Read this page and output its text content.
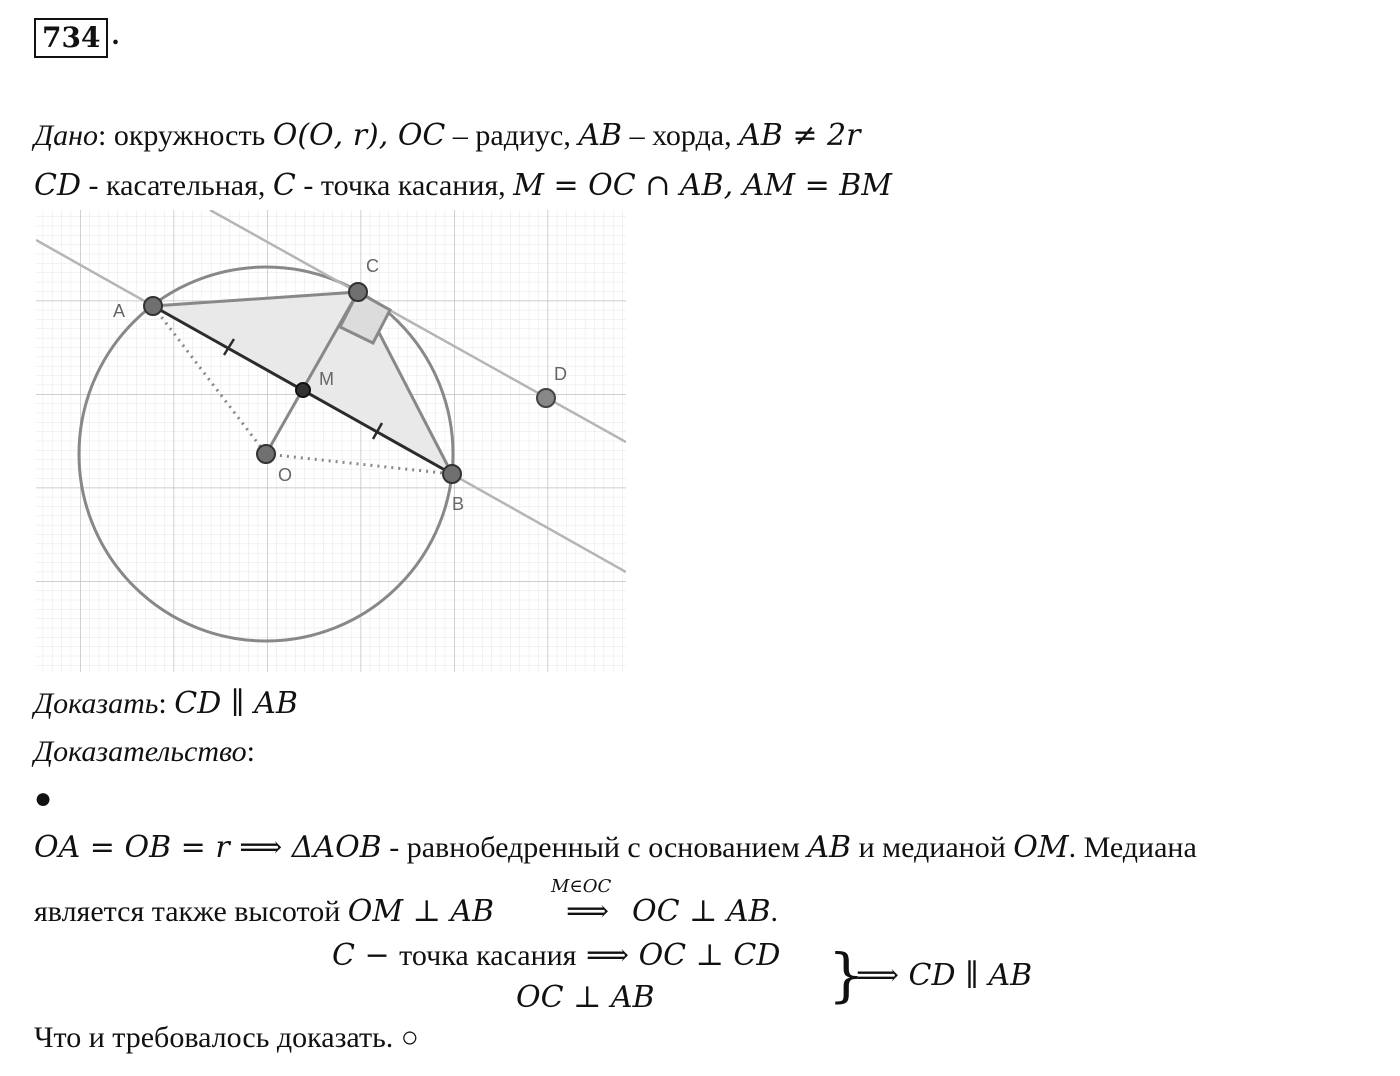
734 .
Дано: окружность 𝑂(𝑂, 𝑟), 𝑂𝐶 – радиус, 𝐴𝐵 – хорда, 𝐴𝐵 ≠ 2𝑟
𝐶𝐷 - касательная, 𝐶 - точка касания, 𝑀 = 𝑂𝐶 ∩ 𝐴𝐵, 𝐴𝑀 = 𝐵𝑀
A
C
B
D
O
M
Доказать: 𝐶𝐷 ∥ 𝐴𝐵
Доказательство:
●
𝑂𝐴 = 𝑂𝐵 = 𝑟 ⟹ Δ𝐴𝑂𝐵 - равнобедренный с основанием 𝐴𝐵 и медианой 𝑂𝑀. Медиана
является также высотой 𝑂𝑀 ⊥ 𝐴𝐵
M∈OC
⟹ 𝑂𝐶 ⊥ 𝐴𝐵.
𝐶 − точка касания ⟹ 𝑂𝐶 ⊥ 𝐶𝐷
𝑂𝐶 ⊥ 𝐴𝐵	}
⟹ 𝐶𝐷 ∥ 𝐴𝐵
Что и требовалось доказать. ○
